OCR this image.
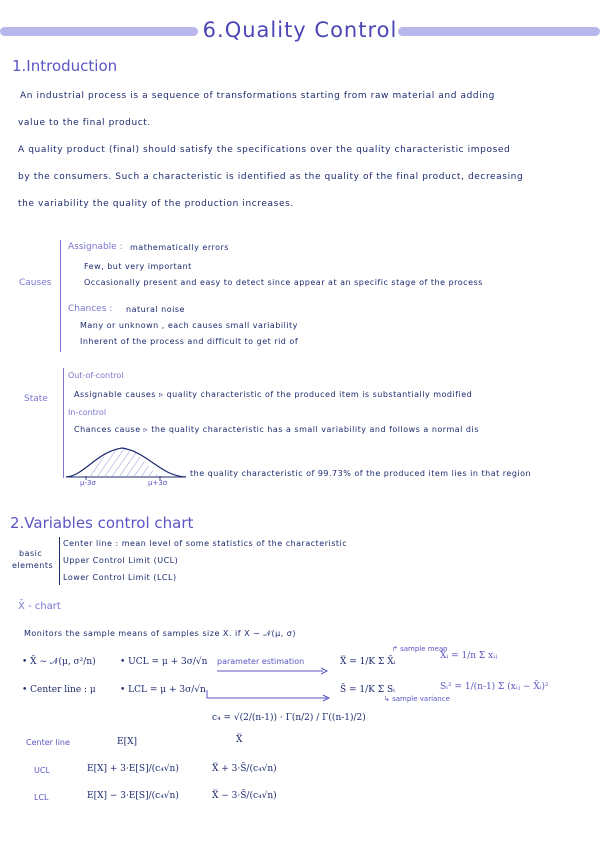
6.Quality Control
1.Introduction
An industrial process is a sequence of transformations starting from raw material and adding
value to the final product.
A quality product (final) should satisfy the specifications over the quality characteristic imposed
by the consumers. Such a characteristic is identified as the quality of the final product, decreasing
the variability the quality of the production increases.
Causes
Assignable : mathematically errors
Few, but very important
Occasionally present and easy to detect since appear at an specific stage of the process
Chances : natural noise
Many or unknown , each causes small variability
Inherent of the process and difficult to get rid of
State
Out-of-control
Assignable causes ▹ quality characteristic of the produced item is substantially modified
In-control
Chances cause ▹ the quality characteristic has a small variability and follows a normal dis
μ-3σ	μ+3σ
the quality characteristic of 99.73% of the produced item lies in that region
2.Variables control chart
basic
elements
Center line : mean level of some statistics of the characteristic
Upper Control Limit (UCL)
Lower Control Limit (LCL)
X̄ - chart
Monitors the sample means of samples size X. if X ∼ 𝒩(μ, σ)
• X̄ ∼ 𝒩(μ, σ²/n)	• UCL = μ + 3σ/√n
• Center line : μ	• LCL = μ + 3σ/√n
parameter estimation	X̿ = 1/K Σ X̄ᵢ
↱ sample mean
X̄ᵢ = 1/n Σ xᵢⱼ
S̄ = 1/K Σ Sᵢ	Sᵢ² = 1/(n-1) Σ (xᵢⱼ − X̄ᵢ)²
↳ sample variance
c₄ = √(2/(n-1)) · Γ(n/2) / Γ((n-1)/2)
Center line	E[X]	X̿
UCL	E[X] + 3·E[S]/(c₄√n)	X̿ + 3·S̄/(c₄√n)
LCL	E[X] − 3·E[S]/(c₄√n)	X̿ − 3·S̄/(c₄√n)
